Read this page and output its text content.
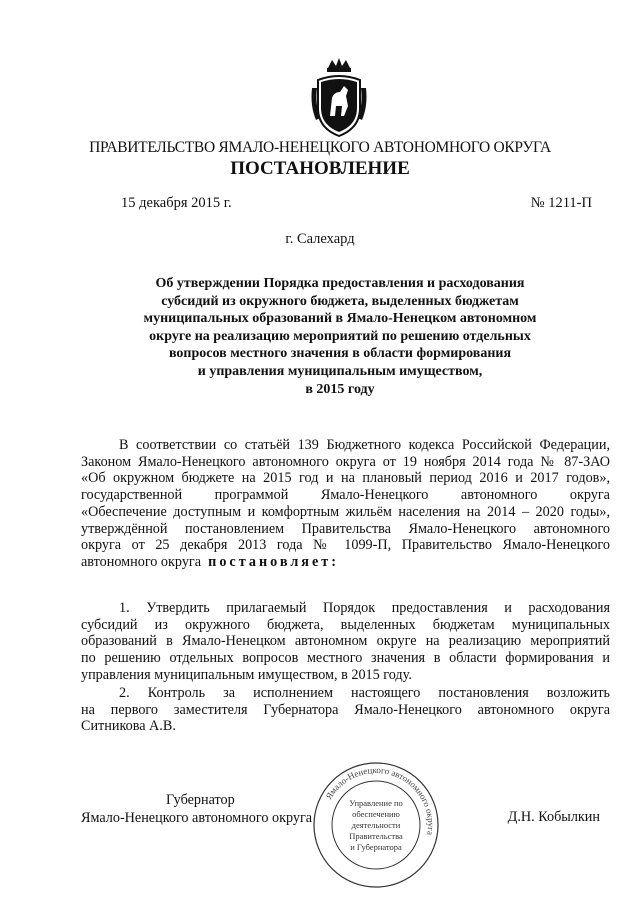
ПРАВИТЕЛЬСТВО ЯМАЛО-НЕНЕЦКОГО АВТОНОМНОГО ОКРУГА
ПОСТАНОВЛЕНИЕ
15 декабря 2015 г.	№ 1211-П
г. Салехард
Об утверждении Порядка предоставления и расходования
субсидий из окружного бюджета, выделенных бюджетам
муниципальных образований в Ямало-Ненецком автономном
округе на реализацию мероприятий по решению отдельных
вопросов местного значения в области формирования
и управления муниципальным имуществом,
в 2015 году
В соответствии со статьёй 139 Бюджетного кодекса Российской Федерации,
Законом Ямало-Ненецкого автономного округа от 19 ноября 2014 года № 87-ЗАО
«Об окружном бюджете на 2015 год и на плановый период 2016 и 2017 годов»,
государственной программой Ямало-Ненецкого автономного округа
«Обеспечение доступным и комфортным жильём населения на 2014 – 2020 годы»,
утверждённой постановлением Правительства Ямало-Ненецкого автономного
округа от 25 декабря 2013 года № 1099-П, Правительство Ямало-Ненецкого
автономного округа постановляет:
1. Утвердить прилагаемый Порядок предоставления и расходования
субсидий из окружного бюджета, выделенных бюджетам муниципальных
образований в Ямало-Ненецком автономном округе на реализацию мероприятий
по решению отдельных вопросов местного значения в области формирования и
управления муниципальным имуществом, в 2015 году.
2. Контроль за исполнением настоящего постановления возложить
на первого заместителя Губернатора Ямало-Ненецкого автономного округа
Ситникова А.В.
Губернатор
Ямало-Ненецкого автономного округа
Ямало-Ненецкого автономного округа
Управление по
обеспечению
деятельности
Правительства
и Губернатора
Д.Н. Кобылкин
